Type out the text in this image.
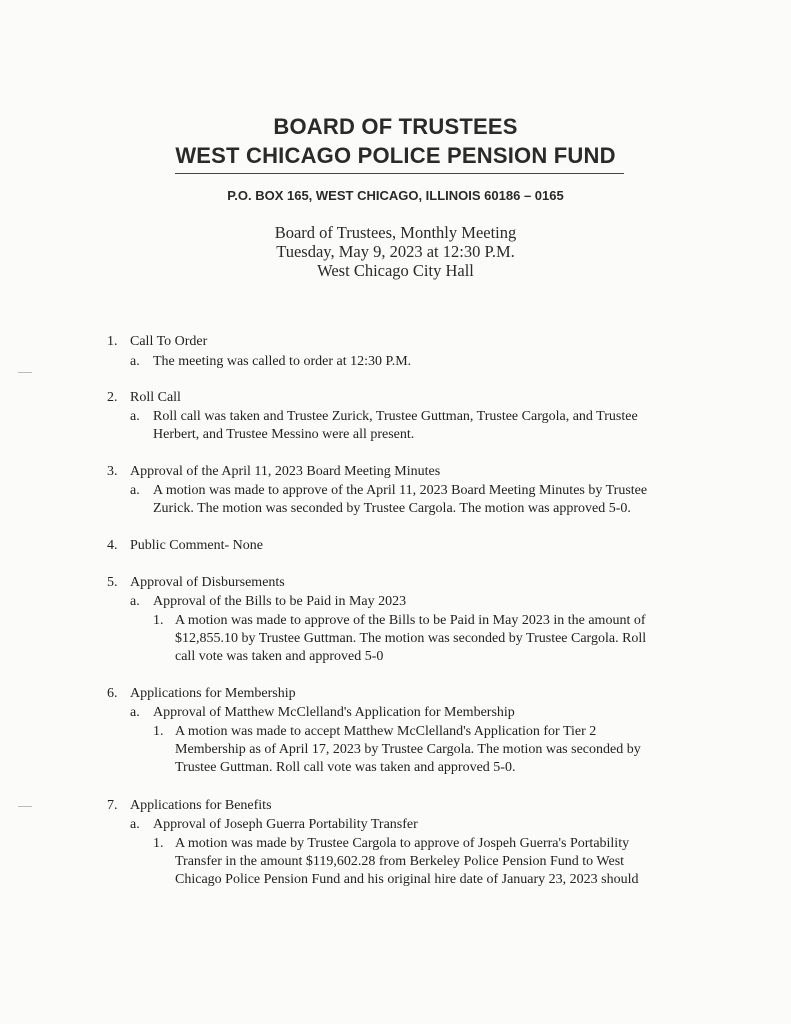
BOARD OF TRUSTEES
WEST CHICAGO POLICE PENSION FUND
P.O. BOX 165, WEST CHICAGO, ILLINOIS 60186 – 0165
Board of Trustees, Monthly Meeting
Tuesday, May 9, 2023 at 12:30 P.M.
West Chicago City Hall
1. Call To Order
a. The meeting was called to order at 12:30 P.M.
2. Roll Call
a. Roll call was taken and Trustee Zurick, Trustee Guttman, Trustee Cargola, and Trustee
Herbert, and Trustee Messino were all present.
3. Approval of the April 11, 2023 Board Meeting Minutes
a. A motion was made to approve of the April 11, 2023 Board Meeting Minutes by Trustee
Zurick. The motion was seconded by Trustee Cargola. The motion was approved 5-0.
4. Public Comment- None
5. Approval of Disbursements
a. Approval of the Bills to be Paid in May 2023
1. A motion was made to approve of the Bills to be Paid in May 2023 in the amount of
$12,855.10 by Trustee Guttman. The motion was seconded by Trustee Cargola. Roll
call vote was taken and approved 5-0
6. Applications for Membership
a. Approval of Matthew McClelland's Application for Membership
1. A motion was made to accept Matthew McClelland's Application for Tier 2
Membership as of April 17, 2023 by Trustee Cargola. The motion was seconded by
Trustee Guttman. Roll call vote was taken and approved 5-0.
7. Applications for Benefits
a. Approval of Joseph Guerra Portability Transfer
1. A motion was made by Trustee Cargola to approve of Jospeh Guerra's Portability
Transfer in the amount $119,602.28 from Berkeley Police Pension Fund to West
Chicago Police Pension Fund and his original hire date of January 23, 2023 should
